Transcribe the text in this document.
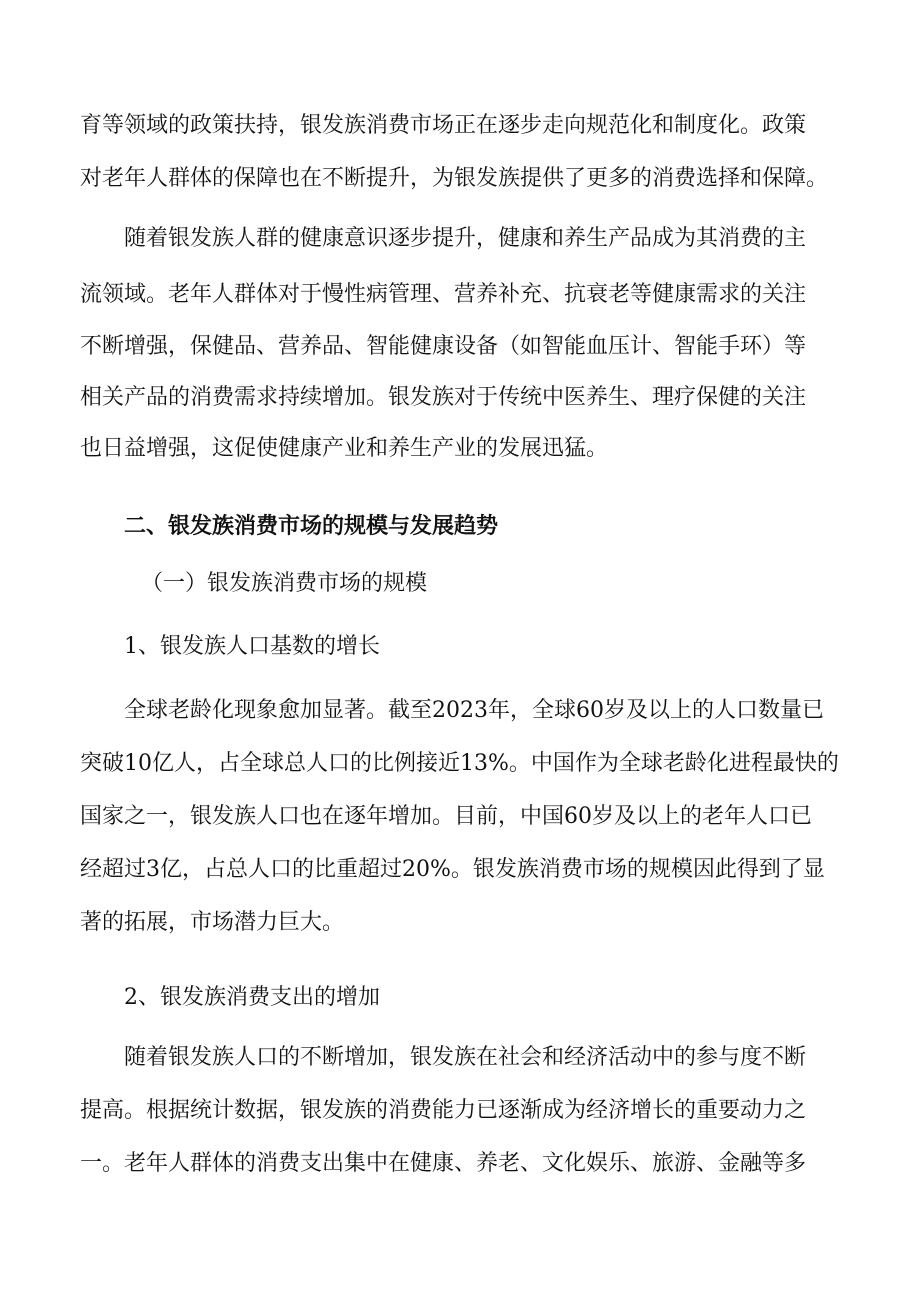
育等领域的政策扶持，银发族消费市场正在逐步走向规范化和制度化。政策

对老年人群体的保障也在不断提升，为银发族提供了更多的消费选择和保障。

随着银发族人群的健康意识逐步提升，健康和养生产品成为其消费的主

流领域。老年人群体对于慢性病管理、营养补充、抗衰老等健康需求的关注

不断增强，保健品、营养品、智能健康设备（如智能血压计、智能手环）等

相关产品的消费需求持续增加。银发族对于传统中医养生、理疗保健的关注

也日益增强，这促使健康产业和养生产业的发展迅猛。

二、银发族消费市场的规模与发展趋势

（一）银发族消费市场的规模

1、银发族人口基数的增长

全球老龄化现象愈加显著。截至2023年，全球60岁及以上的人口数量已

突破10亿人，占全球总人口的比例接近13%。中国作为全球老龄化进程最快的

国家之一，银发族人口也在逐年增加。目前，中国60岁及以上的老年人口已

经超过3亿，占总人口的比重超过20%。银发族消费市场的规模因此得到了显

著的拓展，市场潜力巨大。

2、银发族消费支出的增加

随着银发族人口的不断增加，银发族在社会和经济活动中的参与度不断

提高。根据统计数据，银发族的消费能力已逐渐成为经济增长的重要动力之

一。老年人群体的消费支出集中在健康、养老、文化娱乐、旅游、金融等多
